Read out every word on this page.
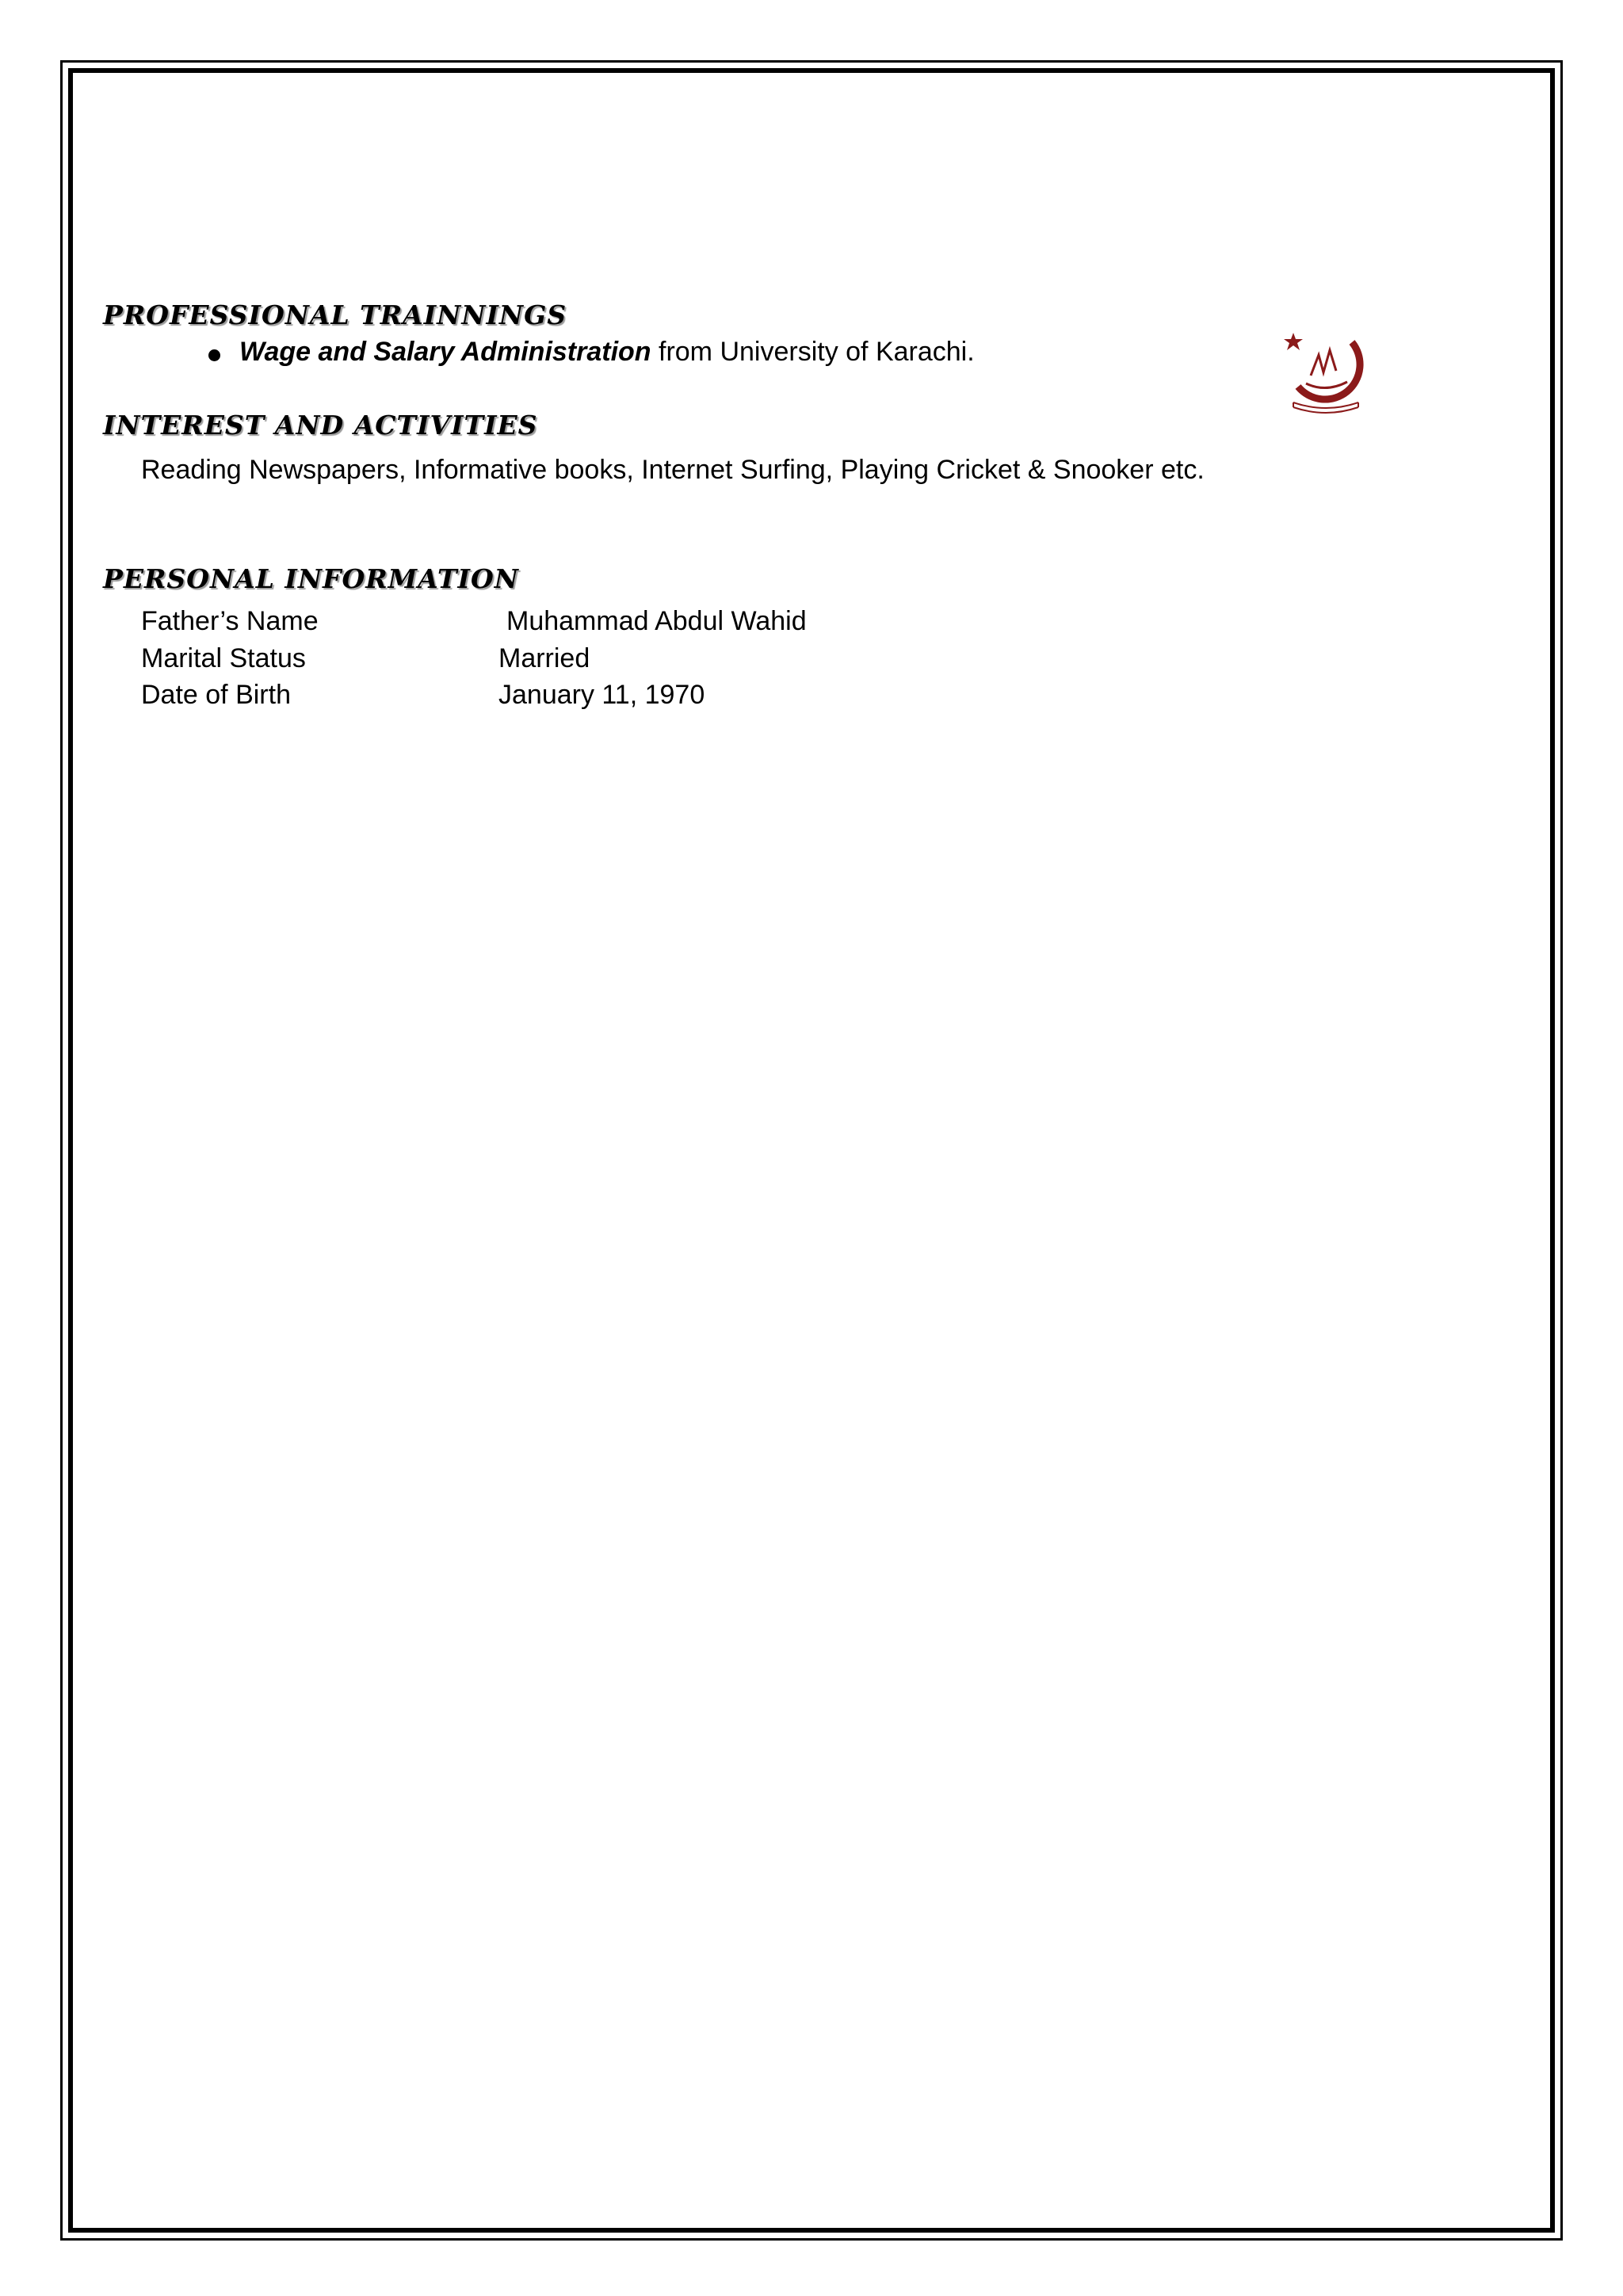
PROFESSIONAL TRAINNINGS
Wage and Salary Administration from University of Karachi.
INTEREST AND ACTIVITIES
Reading Newspapers, Informative books, Internet Surfing, Playing Cricket & Snooker etc.
PERSONAL INFORMATION
Father’s Name	Muhammad Abdul Wahid
Marital Status	Married
Date of Birth	January 11, 1970
